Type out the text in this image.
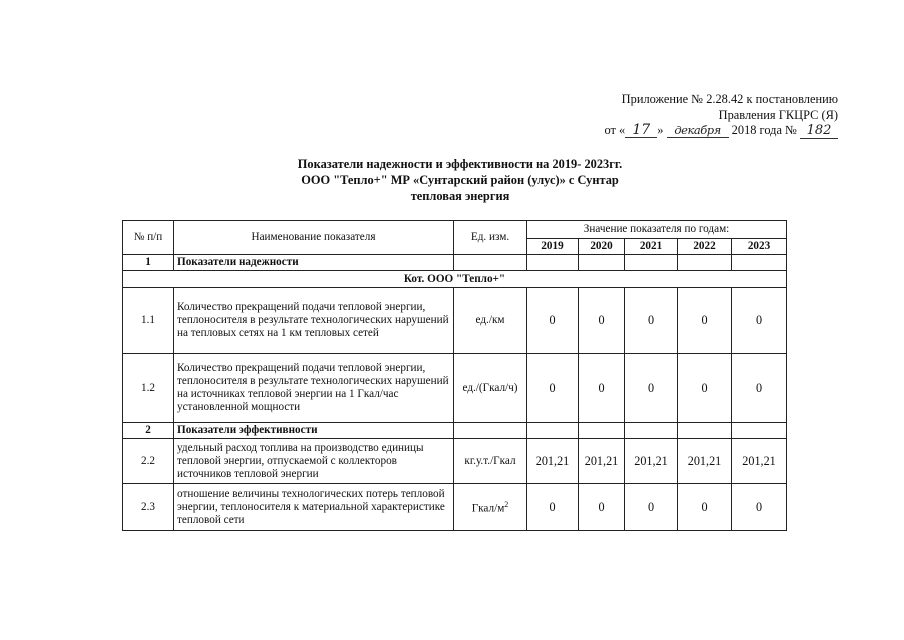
Приложение № 2.28.42 к постановлению
Правления ГКЦРС (Я)
от « 17 » декабря 2018 года № 182
Показатели надежности и эффективности на 2019- 2023гг.
ООО "Тепло+" МР «Сунтарский район (улус)» с Сунтар
тепловая энергия
№ п/п	Наименование показателя	Ед. изм.	Значение показателя по годам:				
			2019	2020	2021	2022	2023
1	Показатели надежности						
Кот. ООО "Тепло+"							
1.1	Количество прекращений подачи тепловой энергии, теплоносителя в результате технологических нарушений на тепловых сетях на 1 км тепловых сетей	ед./км	0	0	0	0	0
1.2	Количество прекращений подачи тепловой энергии, теплоносителя в результате технологических нарушений на источниках тепловой энергии на 1 Гкал/час установленной мощности	ед./(Гкал/ч)	0	0	0	0	0
2	Показатели эффективности						
2.2	удельный расход топлива на производство единицы тепловой энергии, отпускаемой с коллекторов источников тепловой энергии	кг.у.т./Гкал	201,21	201,21	201,21	201,21	201,21
2.3	отношение величины технологических потерь тепловой энергии, теплоносителя к материальной характеристике тепловой сети	Гкал/$м^2$	0	0	0	0	0
